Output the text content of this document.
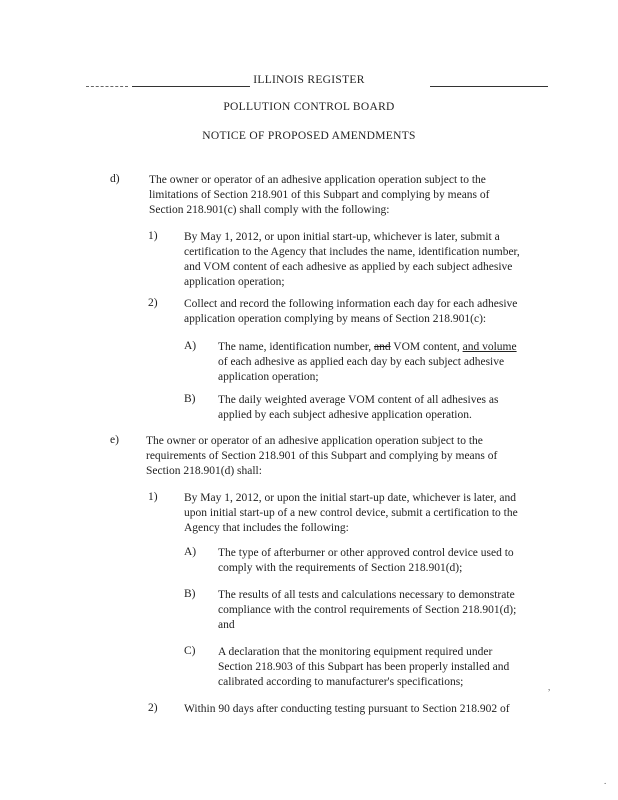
ILLINOIS REGISTER
POLLUTION CONTROL BOARD
NOTICE OF PROPOSED AMENDMENTS
d)	The owner or operator of an adhesive application operation subject to the
limitations of Section 218.901 of this Subpart and complying by means of
Section 218.901(c) shall comply with the following:
1) By May 1, 2012, or upon initial start-up, whichever is later, submit a
certification to the Agency that includes the name, identification number,
and VOM content of each adhesive as applied by each subject adhesive
application operation;
2) Collect and record the following information each day for each adhesive
application operation complying by means of Section 218.901(c):
A) The name, identification number, and VOM content, and volume
of each adhesive as applied each day by each subject adhesive
application operation;
B) The daily weighted average VOM content of all adhesives as
applied by each subject adhesive application operation.
e) The owner or operator of an adhesive application operation subject to the
requirements of Section 218.901 of this Subpart and complying by means of
Section 218.901(d) shall:
1) By May 1, 2012, or upon the initial start-up date, whichever is later, and
upon initial start-up of a new control device, submit a certification to the
Agency that includes the following:
A) The type of afterburner or other approved control device used to
comply with the requirements of Section 218.901(d);
B) The results of all tests and calculations necessary to demonstrate
compliance with the control requirements of Section 218.901(d);
and
C) A declaration that the monitoring equipment required under
Section 218.903 of this Subpart has been properly installed and
calibrated according to manufacturer's specifications;
2) Within 90 days after conducting testing pursuant to Section 218.902 of
,
.
